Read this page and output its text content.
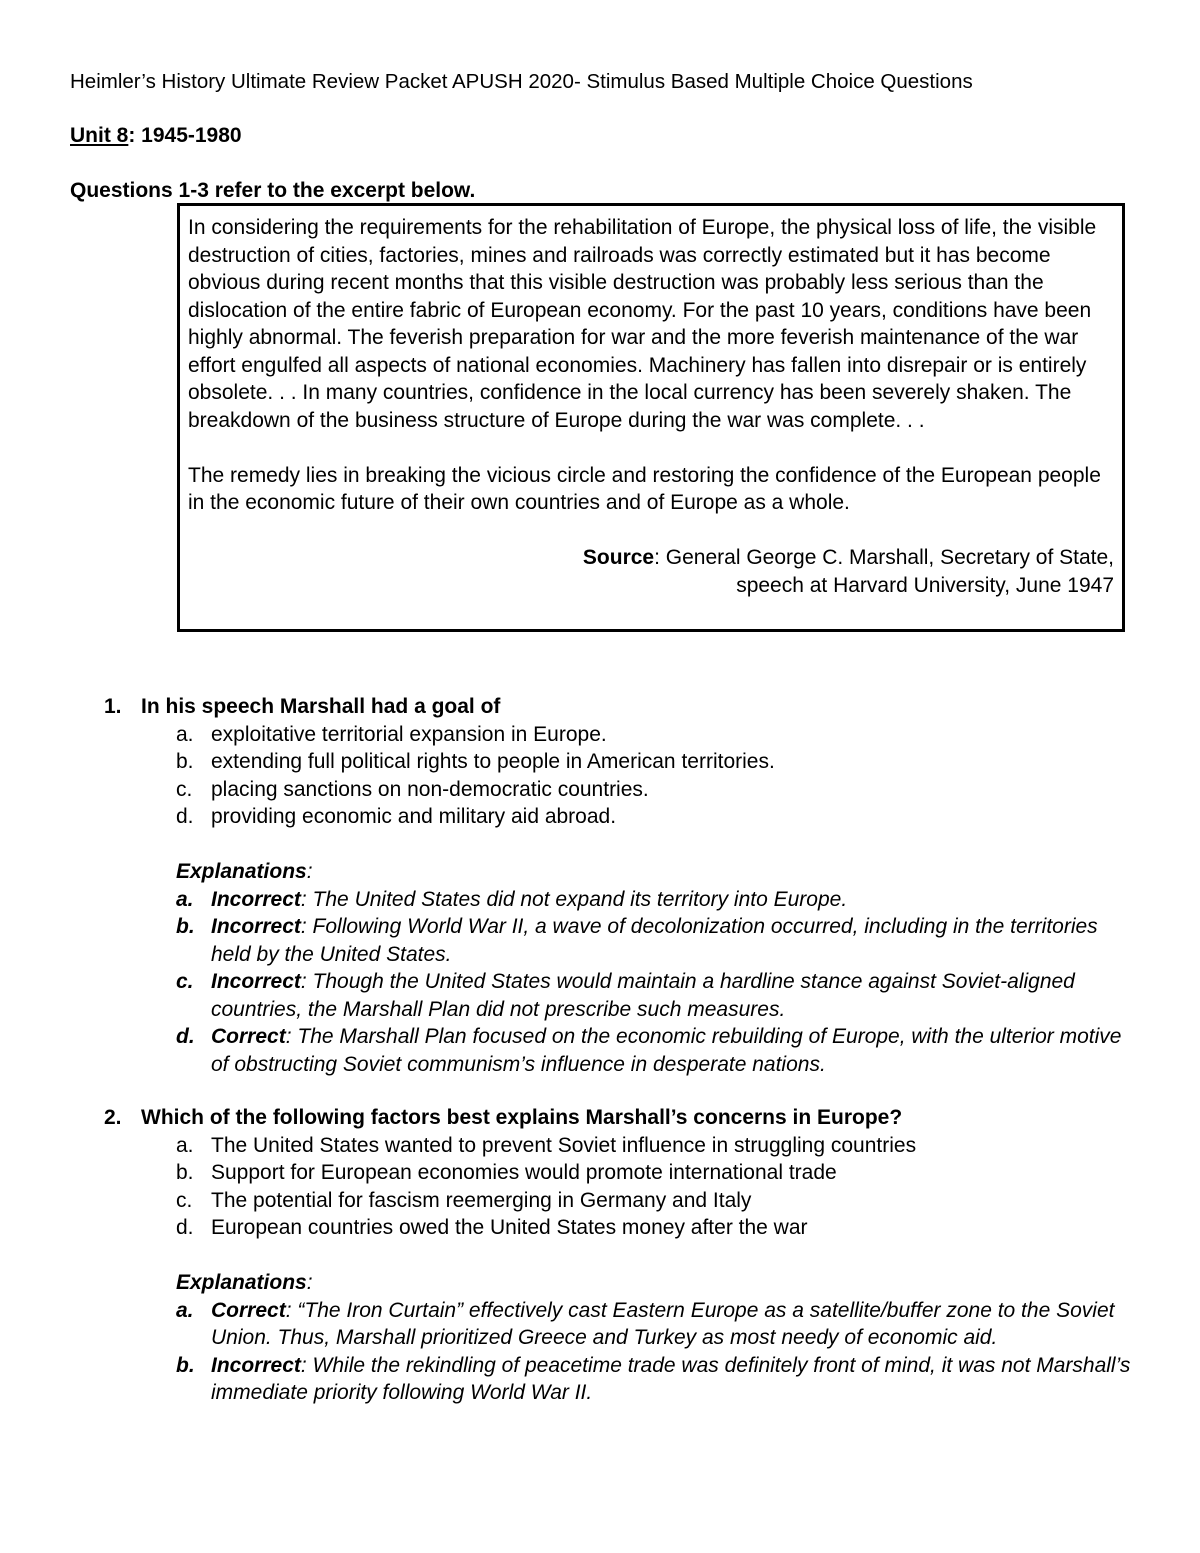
Heimler’s History Ultimate Review Packet APUSH 2020- Stimulus Based Multiple Choice Questions
Unit 8: 1945-1980
Questions 1-3 refer to the excerpt below.

In considering the requirements for the rehabilitation of Europe, the physical loss of life, the visible destruction of cities, factories, mines and railroads was correctly estimated but it has become obvious during recent months that this visible destruction was probably less serious than the dislocation of the entire fabric of European economy. For the past 10 years, conditions have been highly abnormal. The feverish preparation for war and the more feverish maintenance of the war effort engulfed all aspects of national economies. Machinery has fallen into disrepair or is entirely obsolete. . . In many countries, confidence in the local currency has been severely shaken. The breakdown of the business structure of Europe during the war was complete. . .

The remedy lies in breaking the vicious circle and restoring the confidence of the European people in the economic future of their own countries and of Europe as a whole.

Source: General George C. Marshall, Secretary of State,
speech at Harvard University, June 1947
1. In his speech Marshall had a goal of
a. exploitative territorial expansion in Europe.
b. extending full political rights to people in American territories.
c. placing sanctions on non-democratic countries.
d. providing economic and military aid abroad.
Explanations:
a. Incorrect: The United States did not expand its territory into Europe.
b. Incorrect: Following World War II, a wave of decolonization occurred, including in the territories held by the United States.
c. Incorrect: Though the United States would maintain a hardline stance against Soviet-aligned countries, the Marshall Plan did not prescribe such measures.
d. Correct: The Marshall Plan focused on the economic rebuilding of Europe, with the ulterior motive of obstructing Soviet communism’s influence in desperate nations.
2. Which of the following factors best explains Marshall’s concerns in Europe?
a. The United States wanted to prevent Soviet influence in struggling countries
b. Support for European economies would promote international trade
c. The potential for fascism reemerging in Germany and Italy
d. European countries owed the United States money after the war
Explanations:
a. Correct: “The Iron Curtain” effectively cast Eastern Europe as a satellite/buffer zone to the Soviet Union. Thus, Marshall prioritized Greece and Turkey as most needy of economic aid.
b. Incorrect: While the rekindling of peacetime trade was definitely front of mind, it was not Marshall’s immediate priority following World War II.
